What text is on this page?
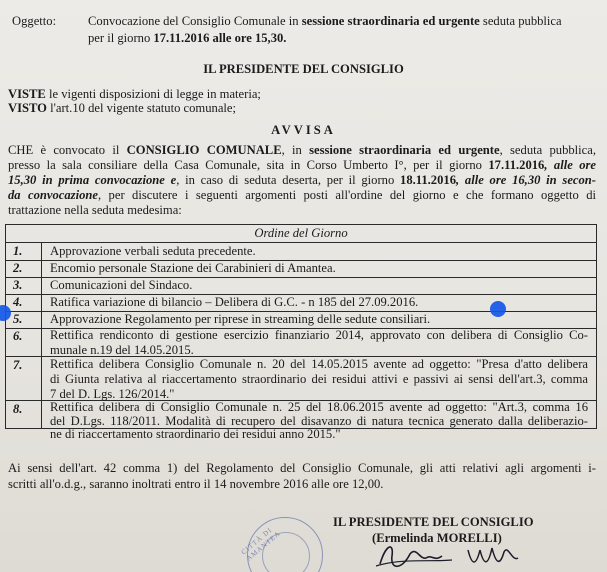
Oggetto:	Convocazione del Consiglio Comunale in sessione straordinaria ed urgente seduta pubblica
per il giorno 17.11.2016 alle ore 15,30.
IL PRESIDENTE DEL CONSIGLIO
VISTE le vigenti disposizioni di legge in materia;
VISTO l'art.10 del vigente statuto comunale;
AVVISA
CHE è convocato il CONSIGLIO COMUNALE, in sessione straordinaria ed urgente, seduta pubblica,
presso la sala consiliare della Casa Comunale, sita in Corso Umberto I°, per il giorno 17.11.2016, alle ore
15,30 in prima convocazione e, in caso di seduta deserta, per il giorno 18.11.2016, alle ore 16,30 in secon-
da convocazione, per discutere i seguenti argomenti posti all'ordine del giorno e che formano oggetto di
trattazione nella seduta medesima:
Ordine del Giorno
1. Approvazione verbali seduta precedente.
2. Encomio personale Stazione dei Carabinieri di Amantea.
3. Comunicazioni del Sindaco.
4. Ratifica variazione di bilancio – Delibera di G.C. - n 185 del 27.09.2016.
5. Approvazione Regolamento per riprese in streaming delle sedute consiliari.
6. Rettifica rendiconto di gestione esercizio finanziario 2014, approvato con delibera di Consiglio Co-
munale n.19 del 14.05.2015.
7. Rettifica delibera Consiglio Comunale n. 20 del 14.05.2015 avente ad oggetto: "Presa d'atto delibera
di Giunta relativa al riaccertamento straordinario dei residui attivi e passivi ai sensi dell'art.3, comma
7 del D. Lgs. 126/2014."
8. Rettifica delibera di Consiglio Comunale n. 25 del 18.06.2015 avente ad oggetto: "Art.3, comma 16
del D.Lgs. 118/2011. Modalità di recupero del disavanzo di natura tecnica generato dalla deliberazio-
ne di riaccertamento straordinario dei residui anno 2015."
Ai sensi dell'art. 42 comma 1) del Regolamento del Consiglio Comunale, gli atti relativi agli argomenti i-
scritti all'o.d.g., saranno inoltrati entro il 14 novembre 2016 alle ore 12,00.
IL PRESIDENTE DEL CONSIGLIO
(Ermelinda MORELLI)
CITTÀ DI AMANTEA
